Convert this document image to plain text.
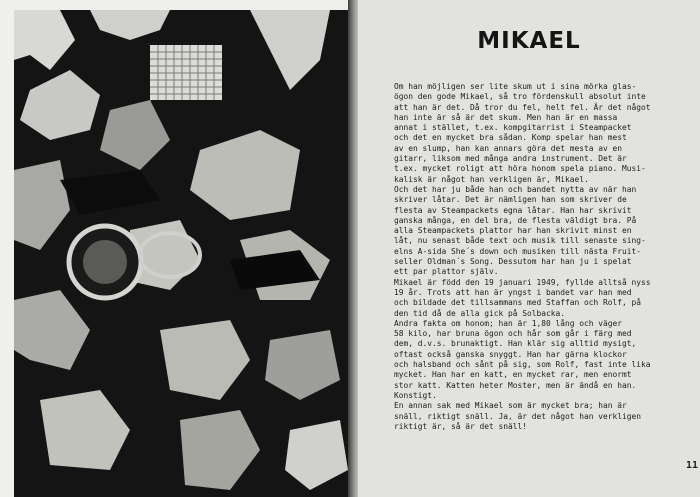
MIKAEL
Om han möjligen ser lite skum ut i sina mörka glas-
ögon den gode Mikael, så tro fördenskull absolut inte
att han är det. Då tror du fel, helt fel. Är det något
han inte är så är det skum. Men han är en massa
annat i stället, t.ex. kompgitarrist i Steampacket
och det en mycket bra sådan. Komp spelar han mest
av en slump, han kan annars göra det mesta av en
gitarr, liksom med många andra instrument. Det är
t.ex. mycket roligt att höra honom spela piano. Musi-
kalisk är något han verkligen är, Mikael.
Och det har ju både han och bandet nytta av när han
skriver låtar. Det är nämligen han som skriver de
flesta av Steampackets egna låtar. Han har skrivit
ganska många, en del bra, de flesta väldigt bra. På
alla Steampackets plattor har han skrivit minst en
låt, nu senast både text och musik till senaste sing-
elns A-sida She´s down och musiken till nästa Fruit-
seller Oldman´s Song. Dessutom har han ju i spelat
ett par plattor själv.
Mikael är född den 19 januari 1949, fyllde alltså nyss
19 år. Trots att han är yngst i bandet var han med
och bildade det tillsammans med Staffan och Rolf, på
den tid då de alla gick på Solbacka.
Andra fakta om honom; han är 1,80 lång och väger
58 kilo, har bruna ögon och hår som går i färg med
dem, d.v.s. brunaktigt. Han klär sig alltid mysigt,
oftast också ganska snyggt. Han har gärna klockor
och halsband och sånt på sig, som Rolf, fast inte lika
mycket. Han har en katt, en mycket rar, men enormt
stor katt. Katten heter Moster, men är ändå en han.
Konstigt.
En annan sak med Mikael som är mycket bra; han är
snäll, riktigt snäll. Ja, är det något han verkligen
riktigt är, så är det snäll!
11
